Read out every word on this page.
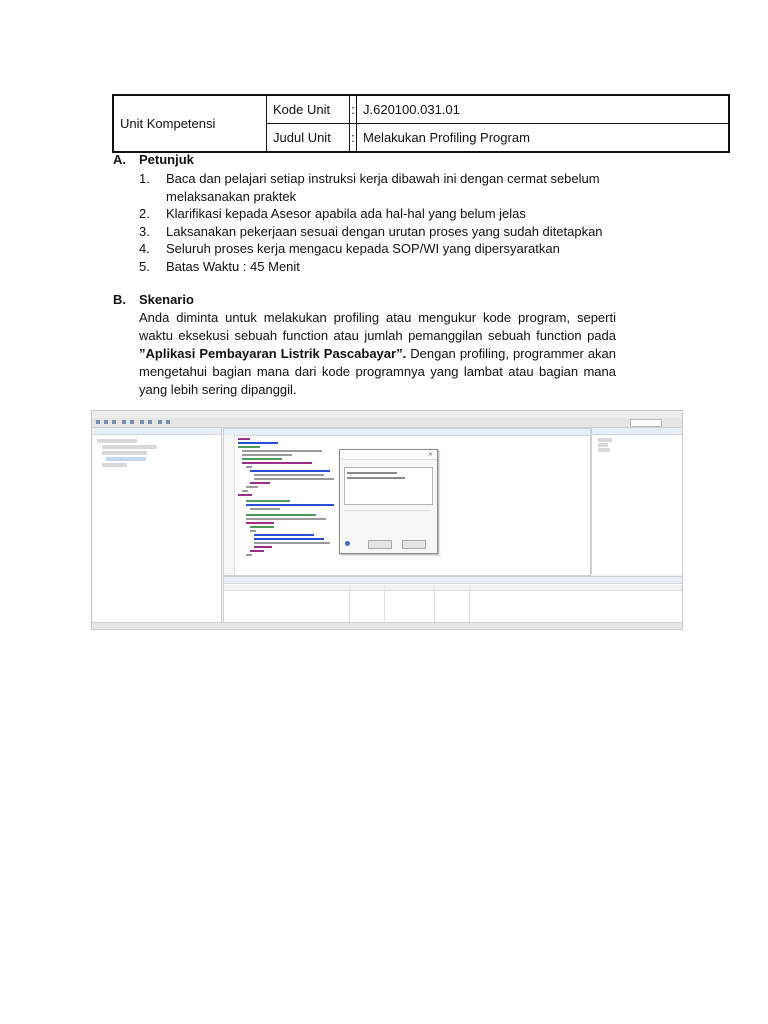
Unit Kompetensi	Kode Unit	:	J.620100.031.01
	Judul Unit	:	Melakukan Profiling Program
A. Petunjuk
1. Baca dan pelajari setiap instruksi kerja dibawah ini dengan cermat sebelum melaksanakan praktek
2. Klarifikasi kepada Asesor apabila ada hal-hal yang belum jelas
3. Laksanakan pekerjaan sesuai dengan urutan proses yang sudah ditetapkan
4. Seluruh proses kerja mengacu kepada SOP/WI yang dipersyaratkan
5. Batas Waktu : 45 Menit
B. Skenario

Anda diminta untuk melakukan profiling atau mengukur kode program, seperti waktu eksekusi sebuah function atau jumlah pemanggilan sebuah function pada ”Aplikasi Pembayaran Listrik Pascabayar”. Dengan profiling, programmer akan mengetahui bagian mana dari kode programnya yang lambat atau bagian mana yang lebih sering dipanggil.

×
